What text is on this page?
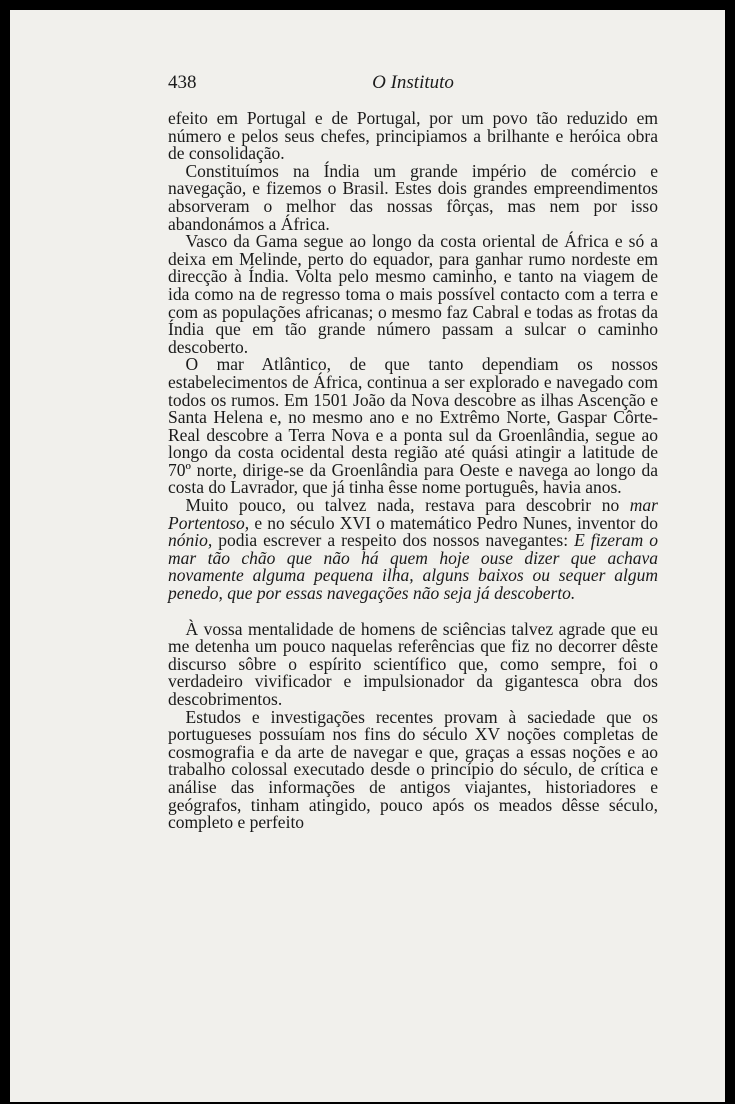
438	O Instituto

efeito em Portugal e de Portugal, por um povo tão reduzido em número e pelos seus chefes, principiamos a brilhante e heróica obra de consolidação.

Constituímos na Índia um grande império de comércio e navegação, e fizemos o Brasil. Estes dois grandes empreendimentos absorveram o melhor das nossas fôrças, mas nem por isso abandonámos a África.

Vasco da Gama segue ao longo da costa oriental de África e só a deixa em Melinde, perto do equador, para ganhar rumo nordeste em direcção à Índia. Volta pelo mesmo caminho, e tanto na viagem de ida como na de regresso toma o mais possível contacto com a terra e com as populações africanas; o mesmo faz Cabral e todas as frotas da Índia que em tão grande número passam a sulcar o caminho descoberto.

O mar Atlântico, de que tanto dependiam os nossos estabelecimentos de África, continua a ser explorado e navegado com todos os rumos. Em 1501 João da Nova descobre as ilhas Ascenção e Santa Helena e, no mesmo ano e no Extrêmo Norte, Gaspar Côrte-Real descobre a Terra Nova e a ponta sul da Groenlândia, segue ao longo da costa ocidental desta região até quási atingir a latitude de 70º norte, dirige-se da Groenlândia para Oeste e navega ao longo da costa do Lavrador, que já tinha êsse nome português, havia anos.

Muito pouco, ou talvez nada, restava para descobrir no mar Portentoso, e no século XVI o matemático Pedro Nunes, inventor do nónio, podia escrever a respeito dos nossos navegantes: E fizeram o mar tão chão que não há quem hoje ouse dizer que achava novamente alguma pequena ilha, alguns baixos ou sequer algum penedo, que por essas navegações não seja já descoberto.

À vossa mentalidade de homens de sciências talvez agrade que eu me detenha um pouco naquelas referências que fiz no decorrer dêste discurso sôbre o espírito scientífico que, como sempre, foi o verdadeiro vivificador e impulsionador da gigantesca obra dos descobrimentos.

Estudos e investigações recentes provam à saciedade que os portugueses possuíam nos fins do século XV noções completas de cosmografia e da arte de navegar e que, graças a essas noções e ao trabalho colossal executado desde o princípio do século, de crítica e análise das informações de antigos viajantes, historiadores e geógrafos, tinham atingido, pouco após os meados dêsse século, completo e perfeito
